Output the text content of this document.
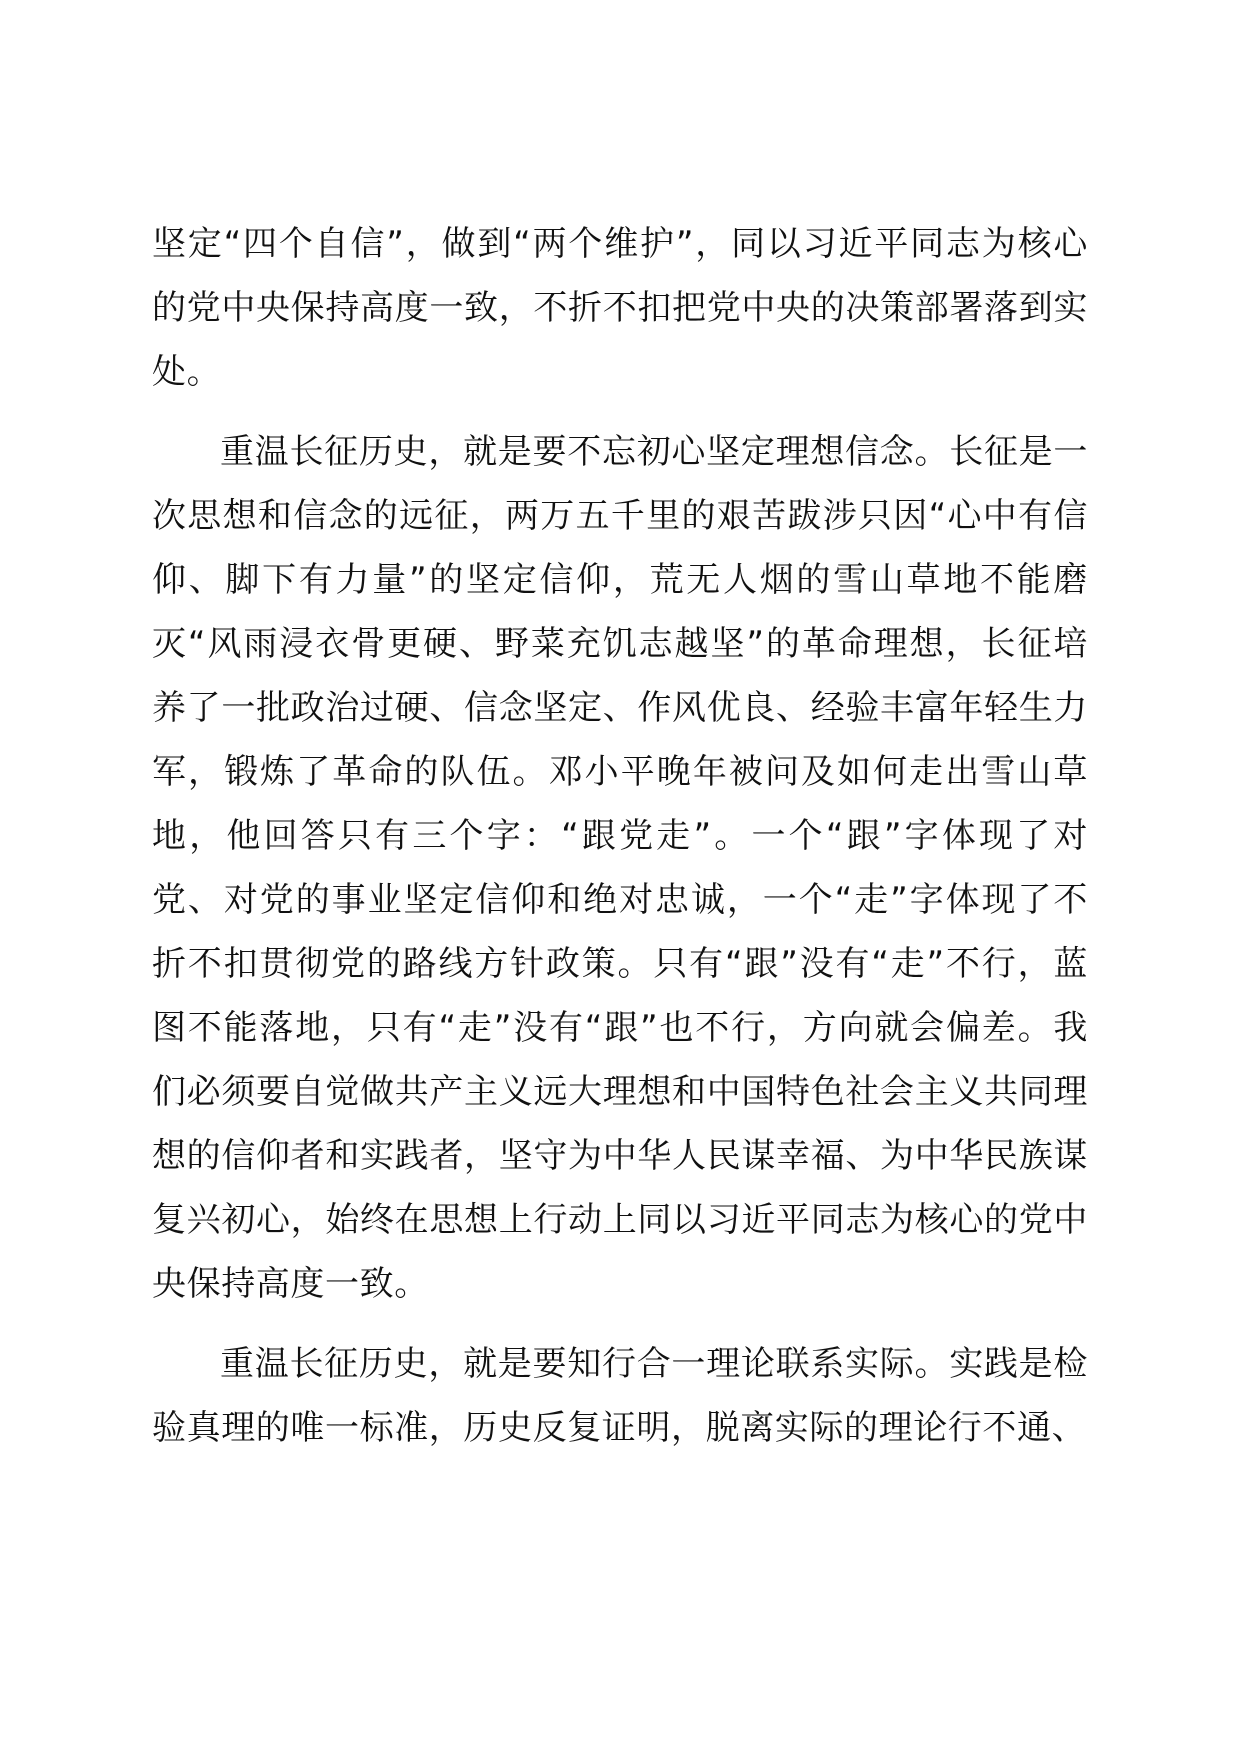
坚定“四个自信”，做到“两个维护”，同以习近平同志为核心的党中央保持高度一致，不折不扣把党中央的决策部署落到实处。

重温长征历史，就是要不忘初心坚定理想信念。长征是一次思想和信念的远征，两万五千里的艰苦跋涉只因“心中有信仰、脚下有力量”的坚定信仰，荒无人烟的雪山草地不能磨灭“风雨浸衣骨更硬、野菜充饥志越坚”的革命理想，长征培养了一批政治过硬、信念坚定、作风优良、经验丰富年轻生力军，锻炼了革命的队伍。邓小平晚年被问及如何走出雪山草地，他回答只有三个字：“跟党走”。一个“跟”字体现了对党、对党的事业坚定信仰和绝对忠诚，一个“走”字体现了不折不扣贯彻党的路线方针政策。只有“跟”没有“走”不行，蓝图不能落地，只有“走”没有“跟”也不行，方向就会偏差。我们必须要自觉做共产主义远大理想和中国特色社会主义共同理想的信仰者和实践者，坚守为中华人民谋幸福、为中华民族谋复兴初心，始终在思想上行动上同以习近平同志为核心的党中央保持高度一致。

重温长征历史，就是要知行合一理论联系实际。实践是检验真理的唯一标准，历史反复证明，脱离实际的理论行不通、
